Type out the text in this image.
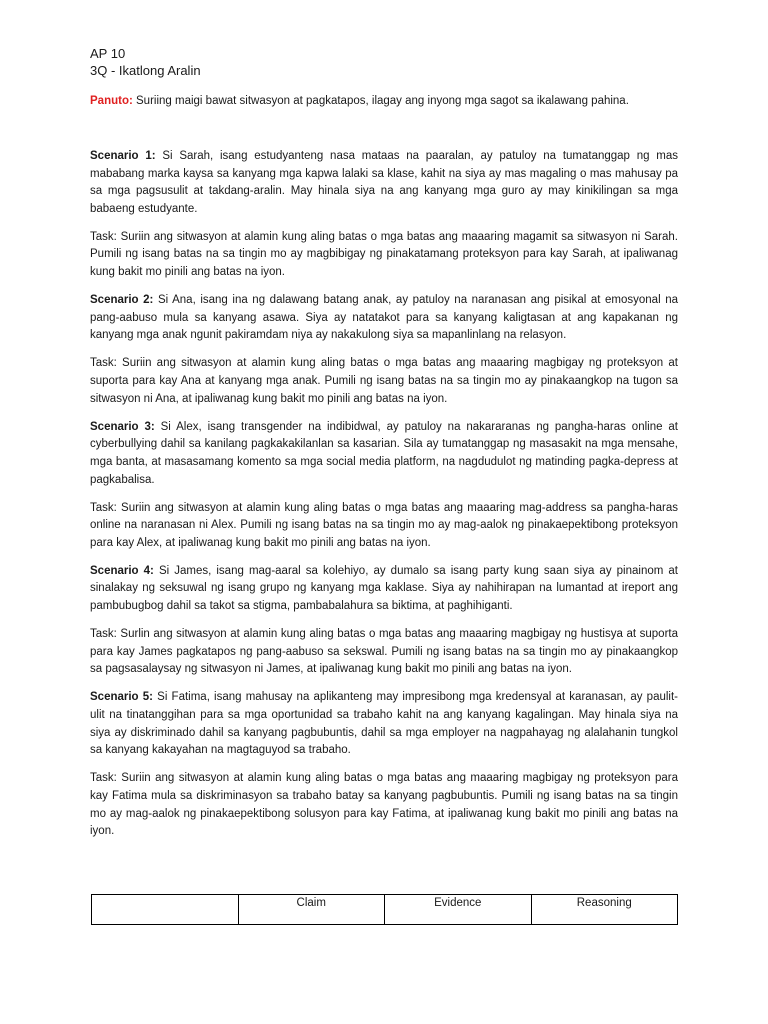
AP 10
3Q - Ikatlong Aralin
Panuto: Suriing maigi bawat sitwasyon at pagkatapos, ilagay ang inyong mga sagot sa ikalawang pahina.

Scenario 1: Si Sarah, isang estudyanteng nasa mataas na paaralan, ay patuloy na tumatanggap ng mas mababang marka kaysa sa kanyang mga kapwa lalaki sa klase, kahit na siya ay mas magaling o mas mahusay pa sa mga pagsusulit at takdang-aralin. May hinala siya na ang kanyang mga guro ay may kinikilingan sa mga babaeng estudyante.

Task: Suriin ang sitwasyon at alamin kung aling batas o mga batas ang maaaring magamit sa sitwasyon ni Sarah. Pumili ng isang batas na sa tingin mo ay magbibigay ng pinakatamang proteksyon para kay Sarah, at ipaliwanag kung bakit mo pinili ang batas na iyon.

Scenario 2: Si Ana, isang ina ng dalawang batang anak, ay patuloy na naranasan ang pisikal at emosyonal na pang-aabuso mula sa kanyang asawa. Siya ay natatakot para sa kanyang kaligtasan at ang kapakanan ng kanyang mga anak ngunit pakiramdam niya ay nakakulong siya sa mapanlinlang na relasyon.

Task: Suriin ang sitwasyon at alamin kung aling batas o mga batas ang maaaring magbigay ng proteksyon at suporta para kay Ana at kanyang mga anak. Pumili ng isang batas na sa tingin mo ay pinakaangkop na tugon sa sitwasyon ni Ana, at ipaliwanag kung bakit mo pinili ang batas na iyon.

Scenario 3: Si Alex, isang transgender na indibidwal, ay patuloy na nakararanas ng pangha-haras online at cyberbullying dahil sa kanilang pagkakakilanlan sa kasarian. Sila ay tumatanggap ng masasakit na mga mensahe, mga banta, at masasamang komento sa mga social media platform, na nagdudulot ng matinding pagka-depress at pagkabalisa.

Task: Suriin ang sitwasyon at alamin kung aling batas o mga batas ang maaaring mag-address sa pangha-haras online na naranasan ni Alex. Pumili ng isang batas na sa tingin mo ay mag-aalok ng pinakaepektibong proteksyon para kay Alex, at ipaliwanag kung bakit mo pinili ang batas na iyon.

Scenario 4: Si James, isang mag-aaral sa kolehiyo, ay dumalo sa isang party kung saan siya ay pinainom at sinalakay ng seksuwal ng isang grupo ng kanyang mga kaklase. Siya ay nahihirapan na lumantad at ireport ang pambubugbog dahil sa takot sa stigma, pambabalahura sa biktima, at paghihiganti.

Task: Surlin ang sitwasyon at alamin kung aling batas o mga batas ang maaaring magbigay ng hustisya at suporta para kay James pagkatapos ng pang-aabuso sa sekswal. Pumili ng isang batas na sa tingin mo ay pinakaangkop sa pagsasalaysay ng sitwasyon ni James, at ipaliwanag kung bakit mo pinili ang batas na iyon.

Scenario 5: Si Fatima, isang mahusay na aplikanteng may impresibong mga kredensyal at karanasan, ay paulit-ulit na tinatanggihan para sa mga oportunidad sa trabaho kahit na ang kanyang kagalingan. May hinala siya na siya ay diskriminado dahil sa kanyang pagbubuntis, dahil sa mga employer na nagpahayag ng alalahanin tungkol sa kanyang kakayahan na magtaguyod sa trabaho.

Task: Suriin ang sitwasyon at alamin kung aling batas o mga batas ang maaaring magbigay ng proteksyon para kay Fatima mula sa diskriminasyon sa trabaho batay sa kanyang pagbubuntis. Pumili ng isang batas na sa tingin mo ay mag-aalok ng pinakaepektibong solusyon para kay Fatima, at ipaliwanag kung bakit mo pinili ang batas na iyon.

	Claim	Evidence	Reasoning
